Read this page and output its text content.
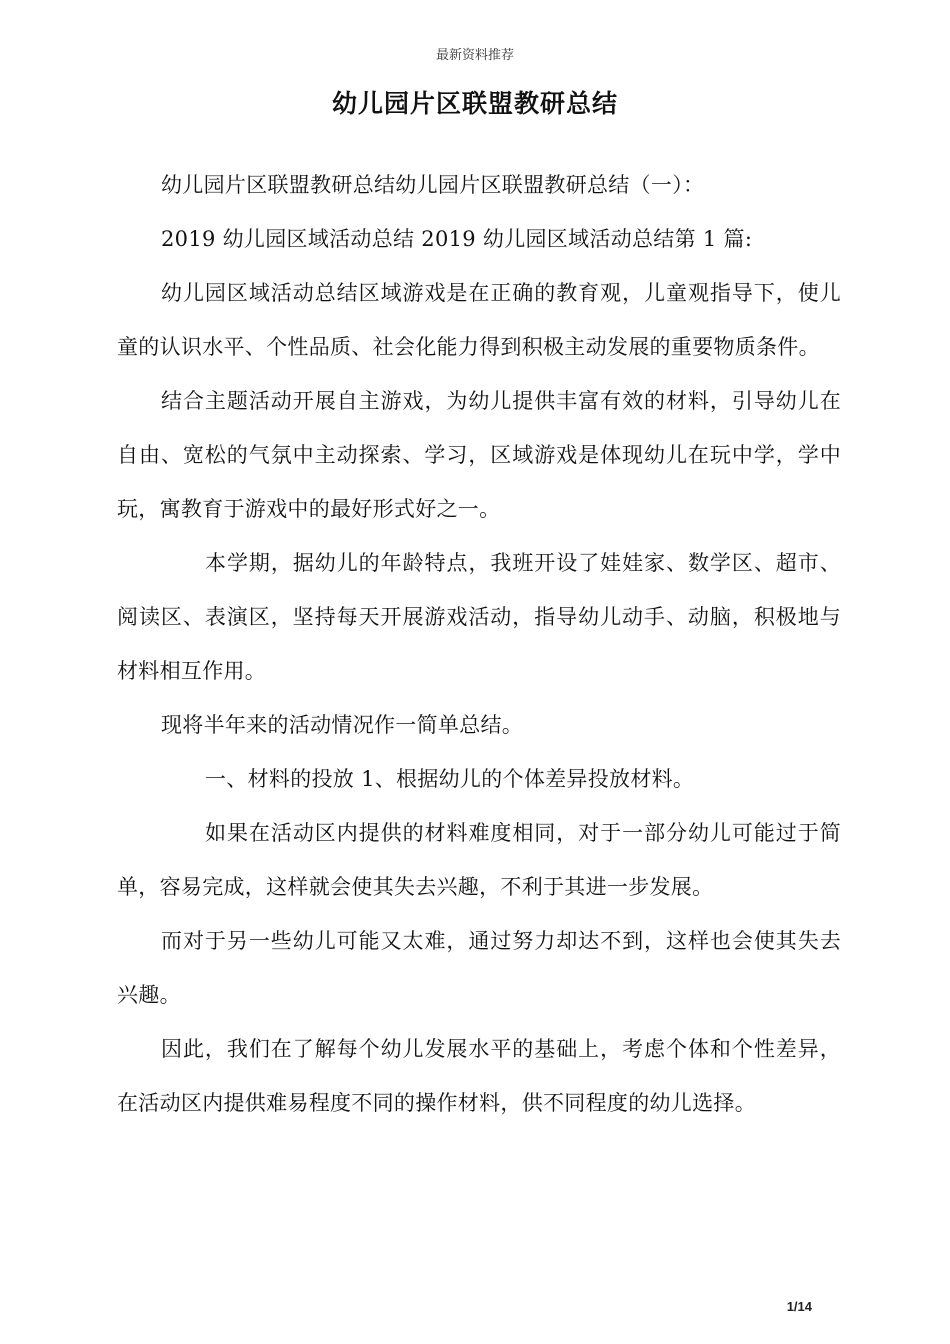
最新资料推荐
幼儿园片区联盟教研总结

幼儿园片区联盟教研总结幼儿园片区联盟教研总结（一）：

2019 幼儿园区域活动总结 2019 幼儿园区域活动总结第 1 篇:

幼儿园区域活动总结区域游戏是在正确的教育观，儿童观指导下，使儿童的认识水平、个性品质、社会化能力得到积极主动发展的重要物质条件。

结合主题活动开展自主游戏，为幼儿提供丰富有效的材料，引导幼儿在自由、宽松的气氛中主动探索、学习，区域游戏是体现幼儿在玩中学，学中玩，寓教育于游戏中的最好形式好之一。

本学期，据幼儿的年龄特点，我班开设了娃娃家、数学区、超市、阅读区、表演区，坚持每天开展游戏活动，指导幼儿动手、动脑，积极地与材料相互作用。

现将半年来的活动情况作一简单总结。

一、材料的投放 1、根据幼儿的个体差异投放材料。

如果在活动区内提供的材料难度相同，对于一部分幼儿可能过于简单，容易完成，这样就会使其失去兴趣，不利于其进一步发展。

而对于另一些幼儿可能又太难，通过努力却达不到，这样也会使其失去兴趣。

因此，我们在了解每个幼儿发展水平的基础上，考虑个体和个性差异，在活动区内提供难易程度不同的操作材料，供不同程度的幼儿选择。

1/14
